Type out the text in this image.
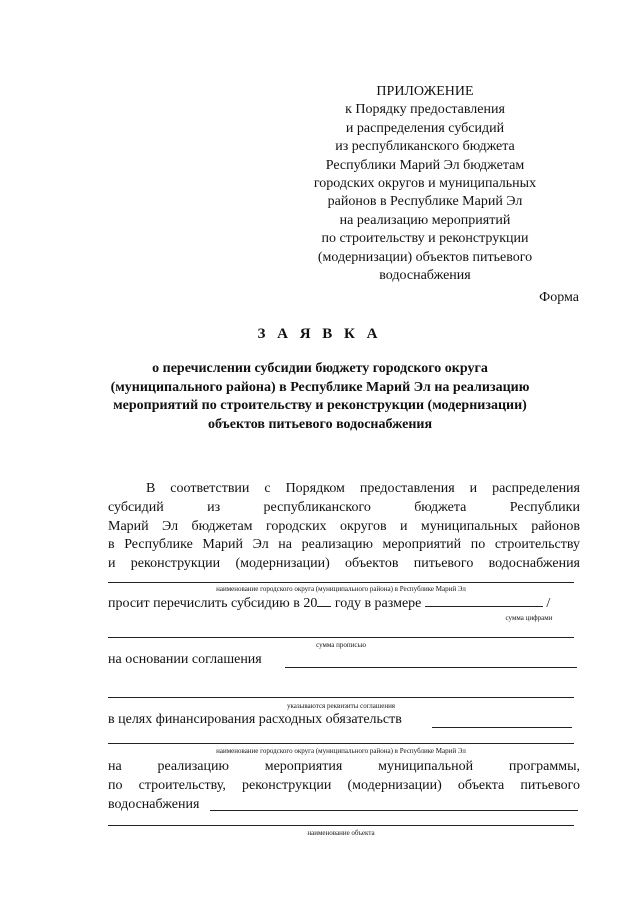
ПРИЛОЖЕНИЕ
к Порядку предоставления
и распределения субсидий
из республиканского бюджета
Республики Марий Эл бюджетам
городских округов и муниципальных
районов в Республике Марий Эл
на реализацию мероприятий
по строительству и реконструкции
(модернизации) объектов питьевого
водоснабжения
Форма
З А Я В К А
о перечислении субсидии бюджету городского округа
(муниципального района) в Республике Марий Эл на реализацию
мероприятий по строительству и реконструкции (модернизации)
объектов питьевого водоснабжения
В соответствии с Порядком предоставления и распределения
субсидий	из	республиканского	бюджета	Республики
Марий Эл бюджетам городских округов и муниципальных районов
в Республике Марий Эл на реализацию мероприятий по строительству
и реконструкции (модернизации) объектов питьевого водоснабжения
наименование городского округа (муниципального района) в Республике Марий Эл
просит перечислить субсидию в 20 году в размере	/
сумма цифрами
сумма прописью
на основании соглашения
указываются реквизиты соглашения
в целях финансирования расходных обязательств
наименование городского округа (муниципального района) в Республике Марий Эл
на	реализацию	мероприятия	муниципальной	программы,
по строительству, реконструкции (модернизации) объекта питьевого
водоснабжения
наименование объекта
